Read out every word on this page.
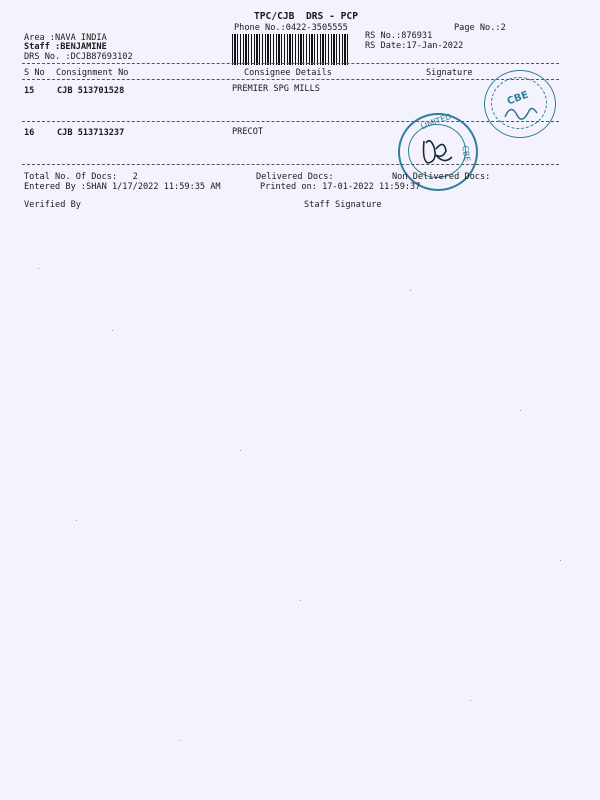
TPC/CJB  DRS - PCP
Phone No.:0422-3505555	Page No.:2
Area :NAVA INDIA
Staff :BENJAMINE
DRS No. :DCJB87693102
RS No.:876931
RS Date:17-Jan-2022
S No Consignment No	Consignee Details	Signature
15	CJB 513701528	PREMIER SPG MILLS
16	CJB 513713237	PRECOT
CBE
LIMITED
CBE
Total No. Of Docs:   2	Delivered Docs:	Non Delivered Docs:
Entered By :SHAN 1/17/2022 11:59:35 AM	Printed on: 17-01-2022 11:59:37
Verified By	Staff Signature
